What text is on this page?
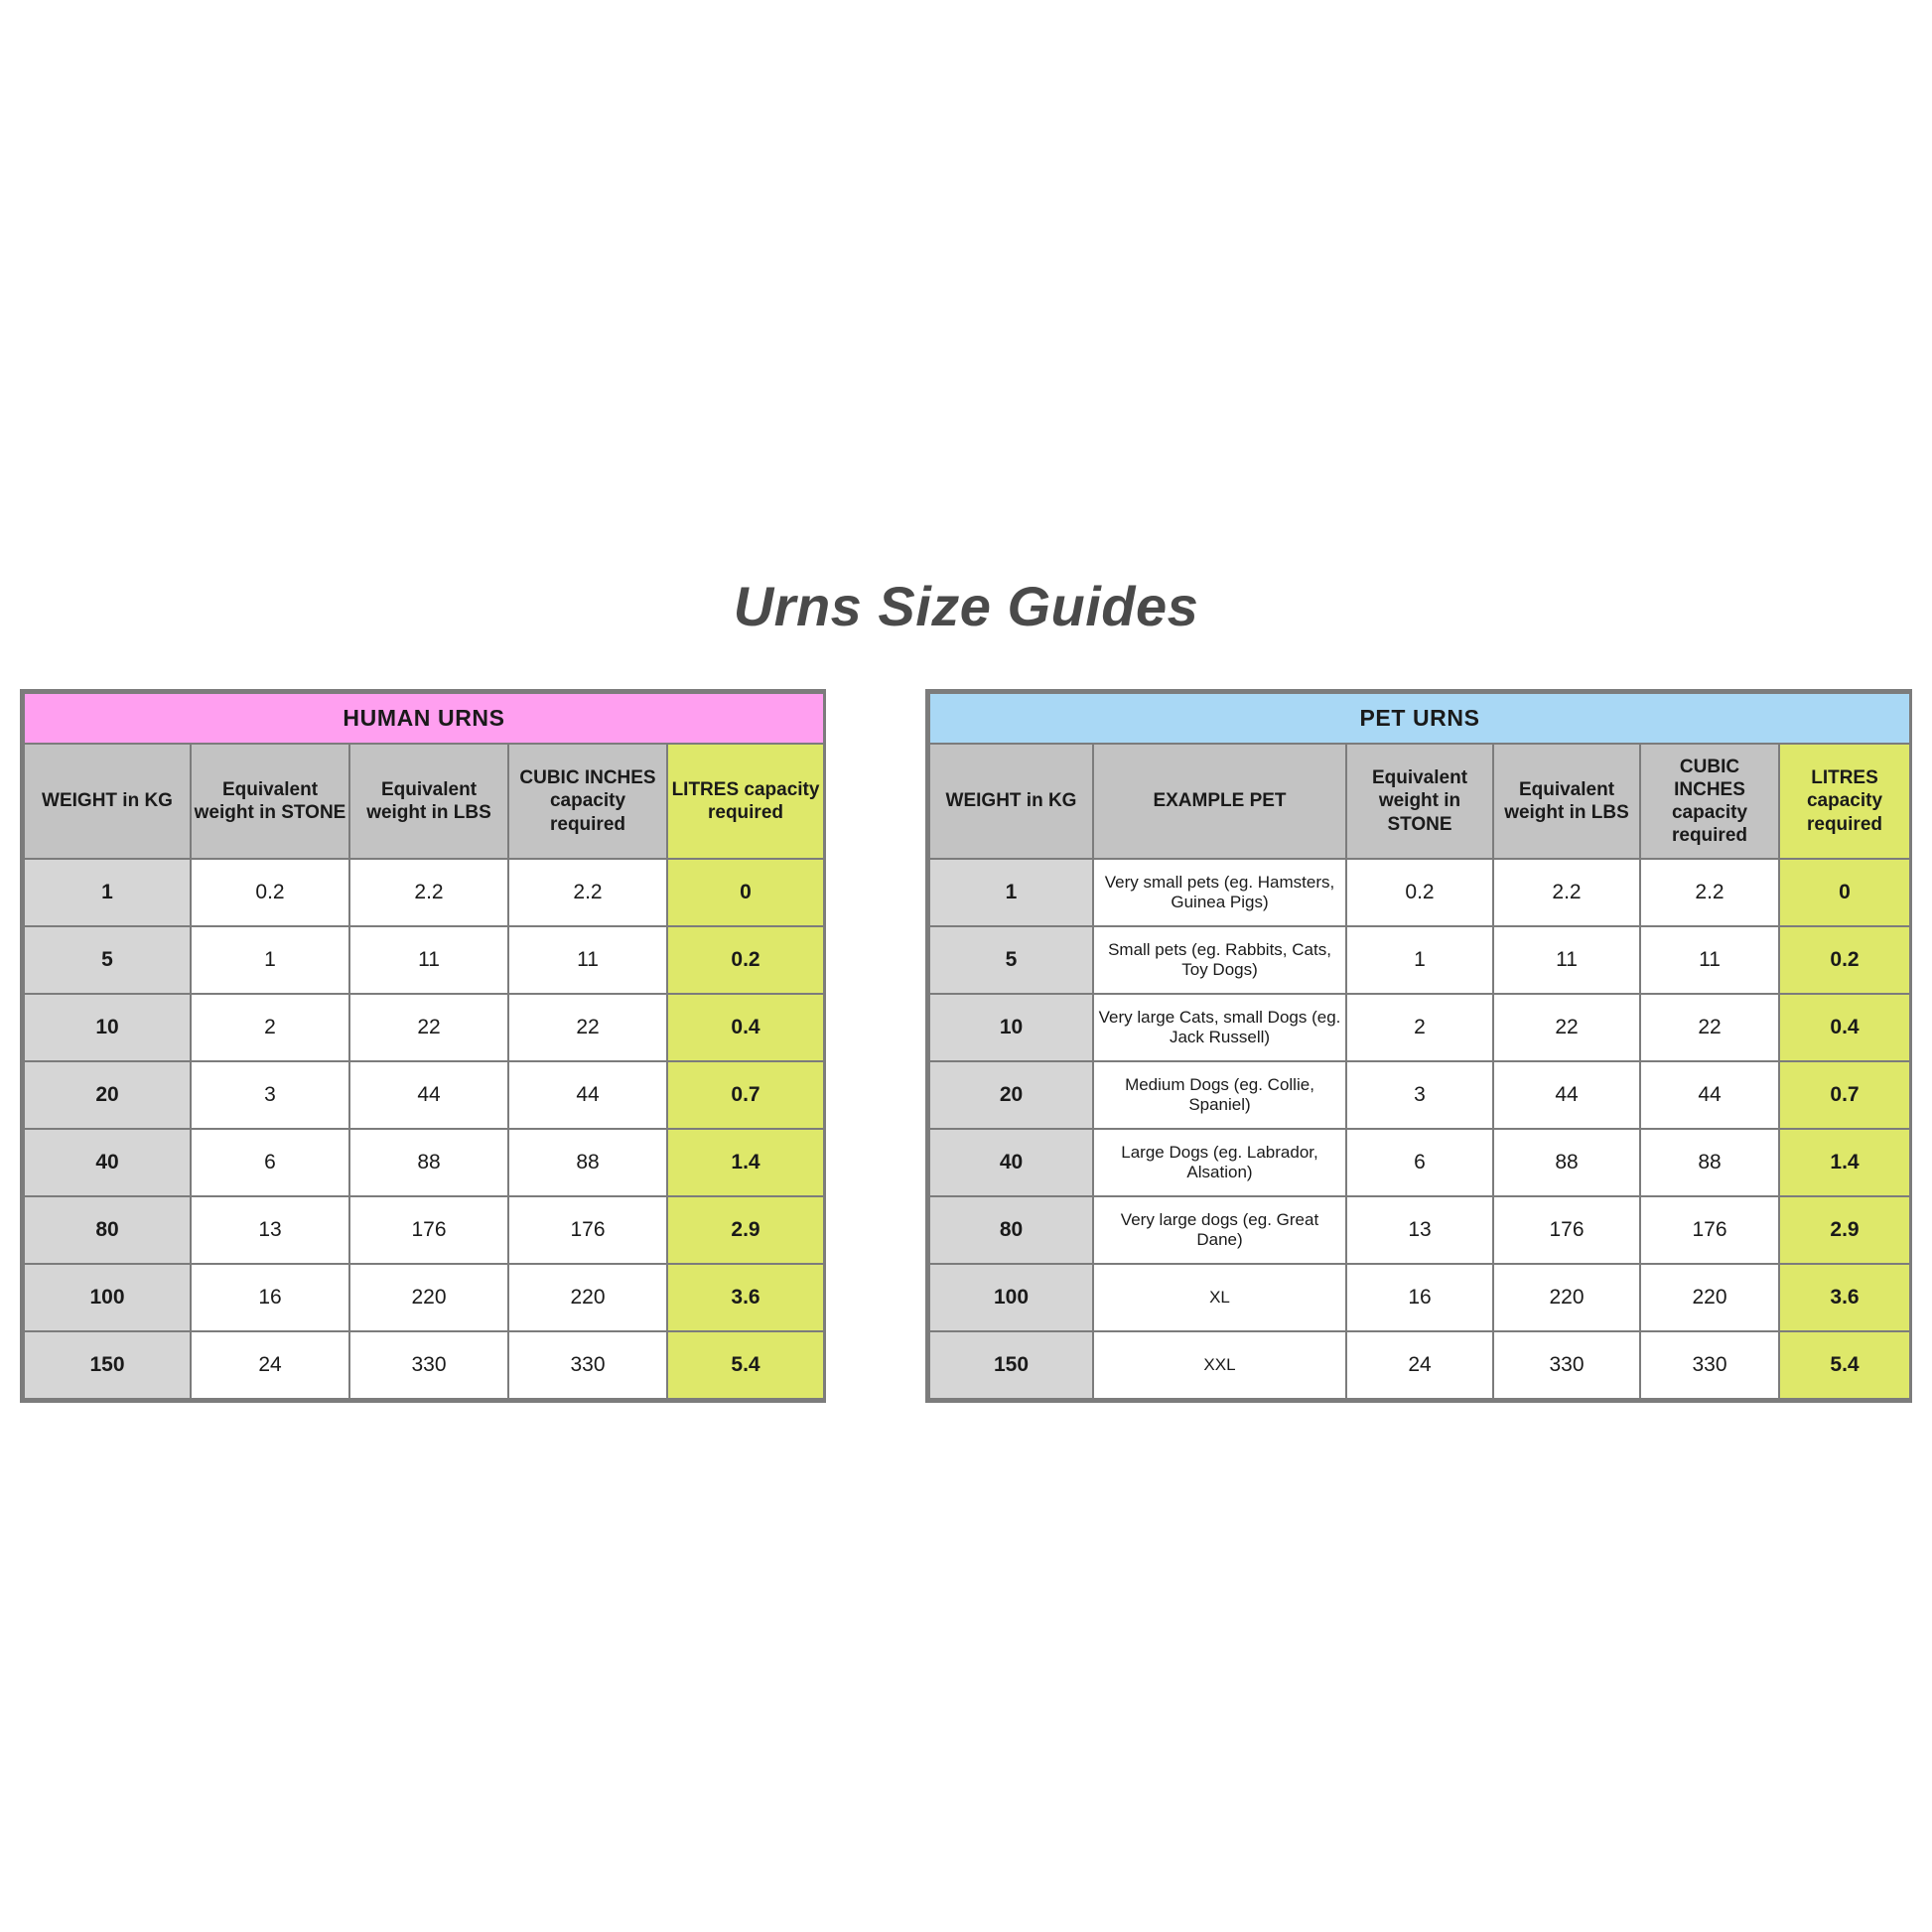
Urns Size Guides
HUMAN URNS				
WEIGHT in KG	Equivalent weight in STONE	Equivalent weight in LBS	CUBIC INCHES capacity required	LITRES capacity required
1	0.2	2.2	2.2	0
5	1	11	11	0.2
10	2	22	22	0.4
20	3	44	44	0.7
40	6	88	88	1.4
80	13	176	176	2.9
100	16	220	220	3.6
150	24	330	330	5.4
PET URNS					
WEIGHT in KG	EXAMPLE PET	Equivalent weight in STONE	Equivalent weight in LBS	CUBIC INCHES capacity required	LITRES capacity required
1	Very small pets (eg. Hamsters, Guinea Pigs)	0.2	2.2	2.2	0
5	Small pets (eg. Rabbits, Cats, Toy Dogs)	1	11	11	0.2
10	Very large Cats, small Dogs (eg. Jack Russell)	2	22	22	0.4
20	Medium Dogs (eg. Collie, Spaniel)	3	44	44	0.7
40	Large Dogs (eg. Labrador, Alsation)	6	88	88	1.4
80	Very large dogs (eg. Great Dane)	13	176	176	2.9
100	XL	16	220	220	3.6
150	XXL	24	330	330	5.4
